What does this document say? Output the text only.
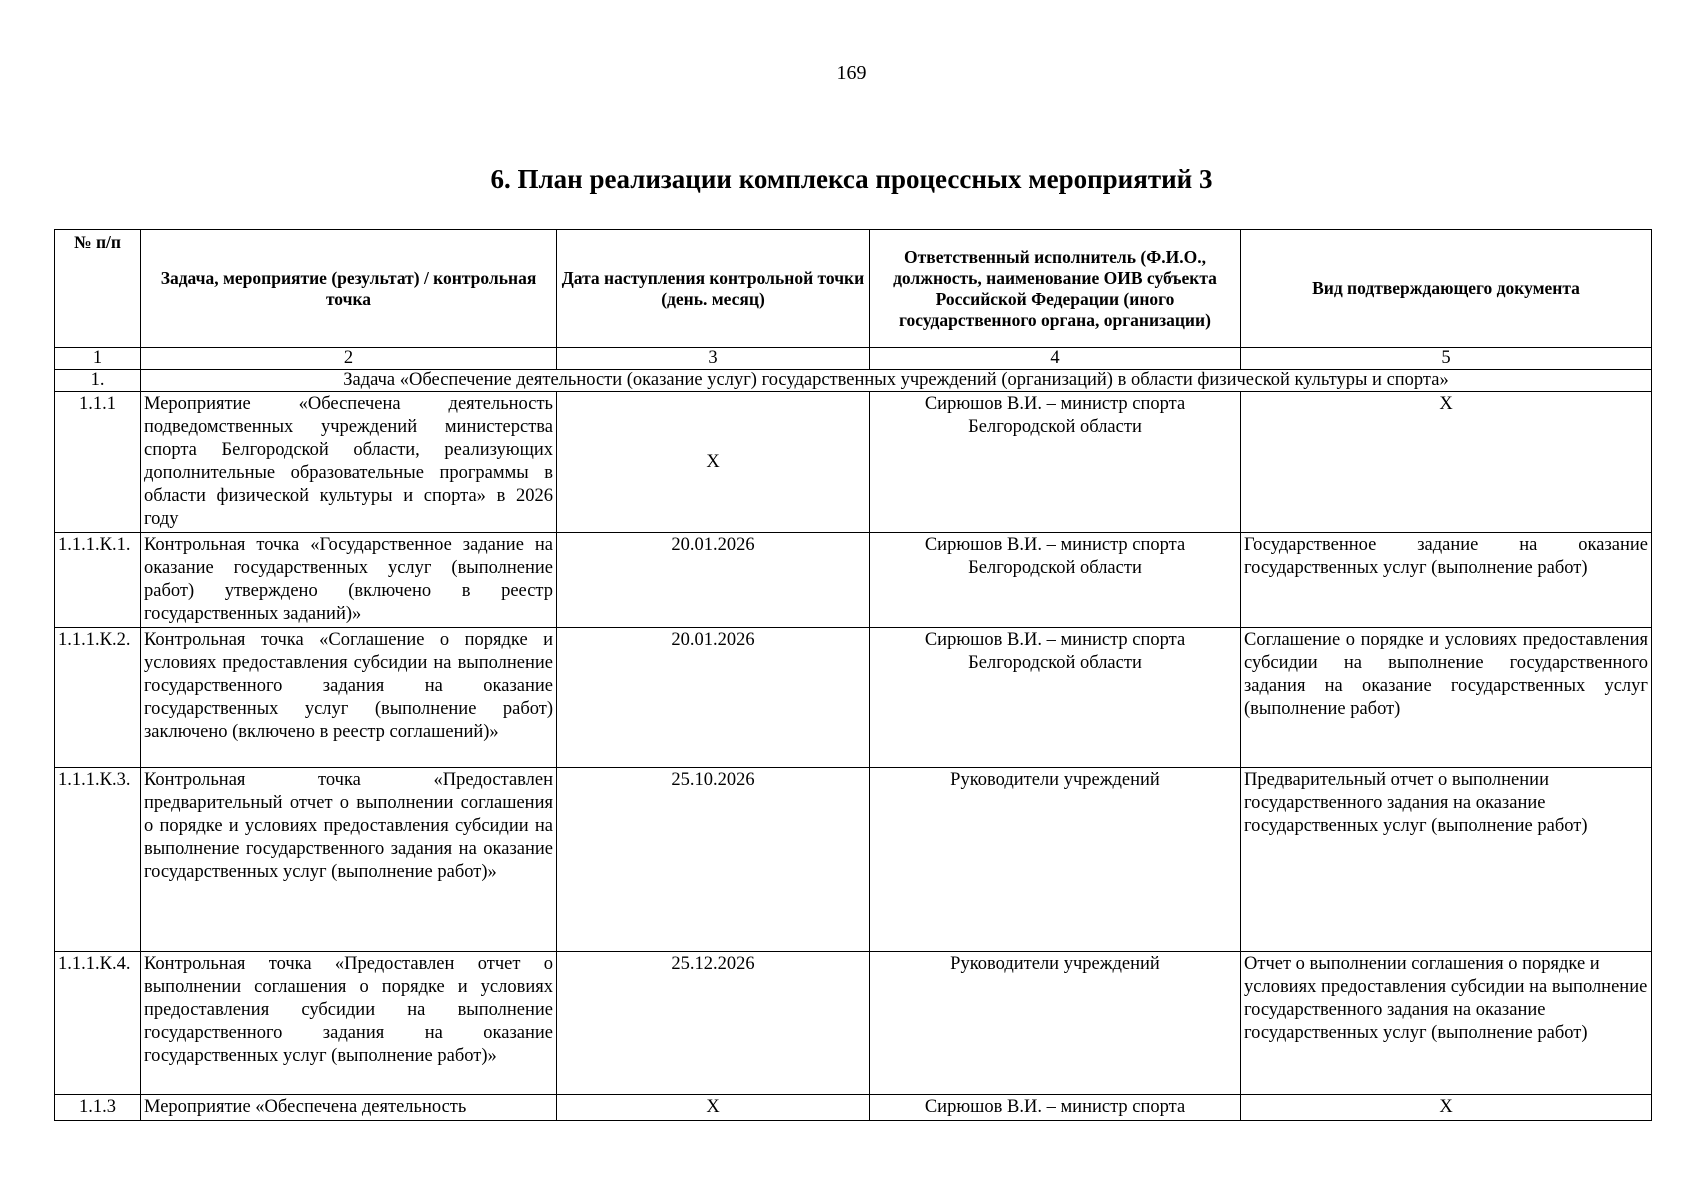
169
6. План реализации комплекса процессных мероприятий 3
№ п/п	Задача, мероприятие (результат) / контрольная точка	Дата наступления контрольной точки (день. месяц)	Ответственный исполнитель (Ф.И.О., должность, наименование ОИВ субъекта Российской Федерации (иного государственного органа, организации)	Вид подтверждающего документа
1	2	3	4	5
1.	Задача «Обеспечение деятельности (оказание услуг) государственных учреждений (организаций) в области физической культуры и спорта»			
1.1.1	Мероприятие «Обеспечена деятельность подведомственных учреждений министерства спорта Белгородской области, реализующих дополнительные образовательные программы в области физической культуры и спорта» в 2026 году	X	Сирюшов В.И. – министр спорта Белгородской области	X
1.1.1.К.1.	Контрольная точка «Государственное задание на оказание государственных услуг (выполнение работ) утверждено (включено в реестр государственных заданий)»	20.01.2026	Сирюшов В.И. – министр спорта Белгородской области	Государственное задание на оказание государственных услуг (выполнение работ)
1.1.1.К.2.	Контрольная точка «Соглашение о порядке и условиях предоставления субсидии на выполнение государственного задания на оказание государственных услуг (выполнение работ) заключено (включено в реестр соглашений)»	20.01.2026	Сирюшов В.И. – министр спорта Белгородской области	Соглашение о порядке и условиях предоставления субсидии на выполнение государственного задания на оказание государственных услуг (выполнение работ)
1.1.1.К.3.	Контрольная точка «Предоставлен предварительный отчет о выполнении соглашения о порядке и условиях предоставления субсидии на выполнение государственного задания на оказание государственных услуг (выполнение работ)»	25.10.2026	Руководители учреждений	Предварительный отчет о выполнении государственного задания на оказание государственных услуг (выполнение работ)
1.1.1.К.4.	Контрольная точка «Предоставлен отчет о выполнении соглашения о порядке и условиях предоставления субсидии на выполнение государственного задания на оказание государственных услуг (выполнение работ)»	25.12.2026	Руководители учреждений	Отчет о выполнении соглашения о порядке и условиях предоставления субсидии на выполнение государственного задания на оказание государственных услуг (выполнение работ)
1.1.3	Мероприятие «Обеспечена деятельность	X	Сирюшов В.И. – министр спорта	X
